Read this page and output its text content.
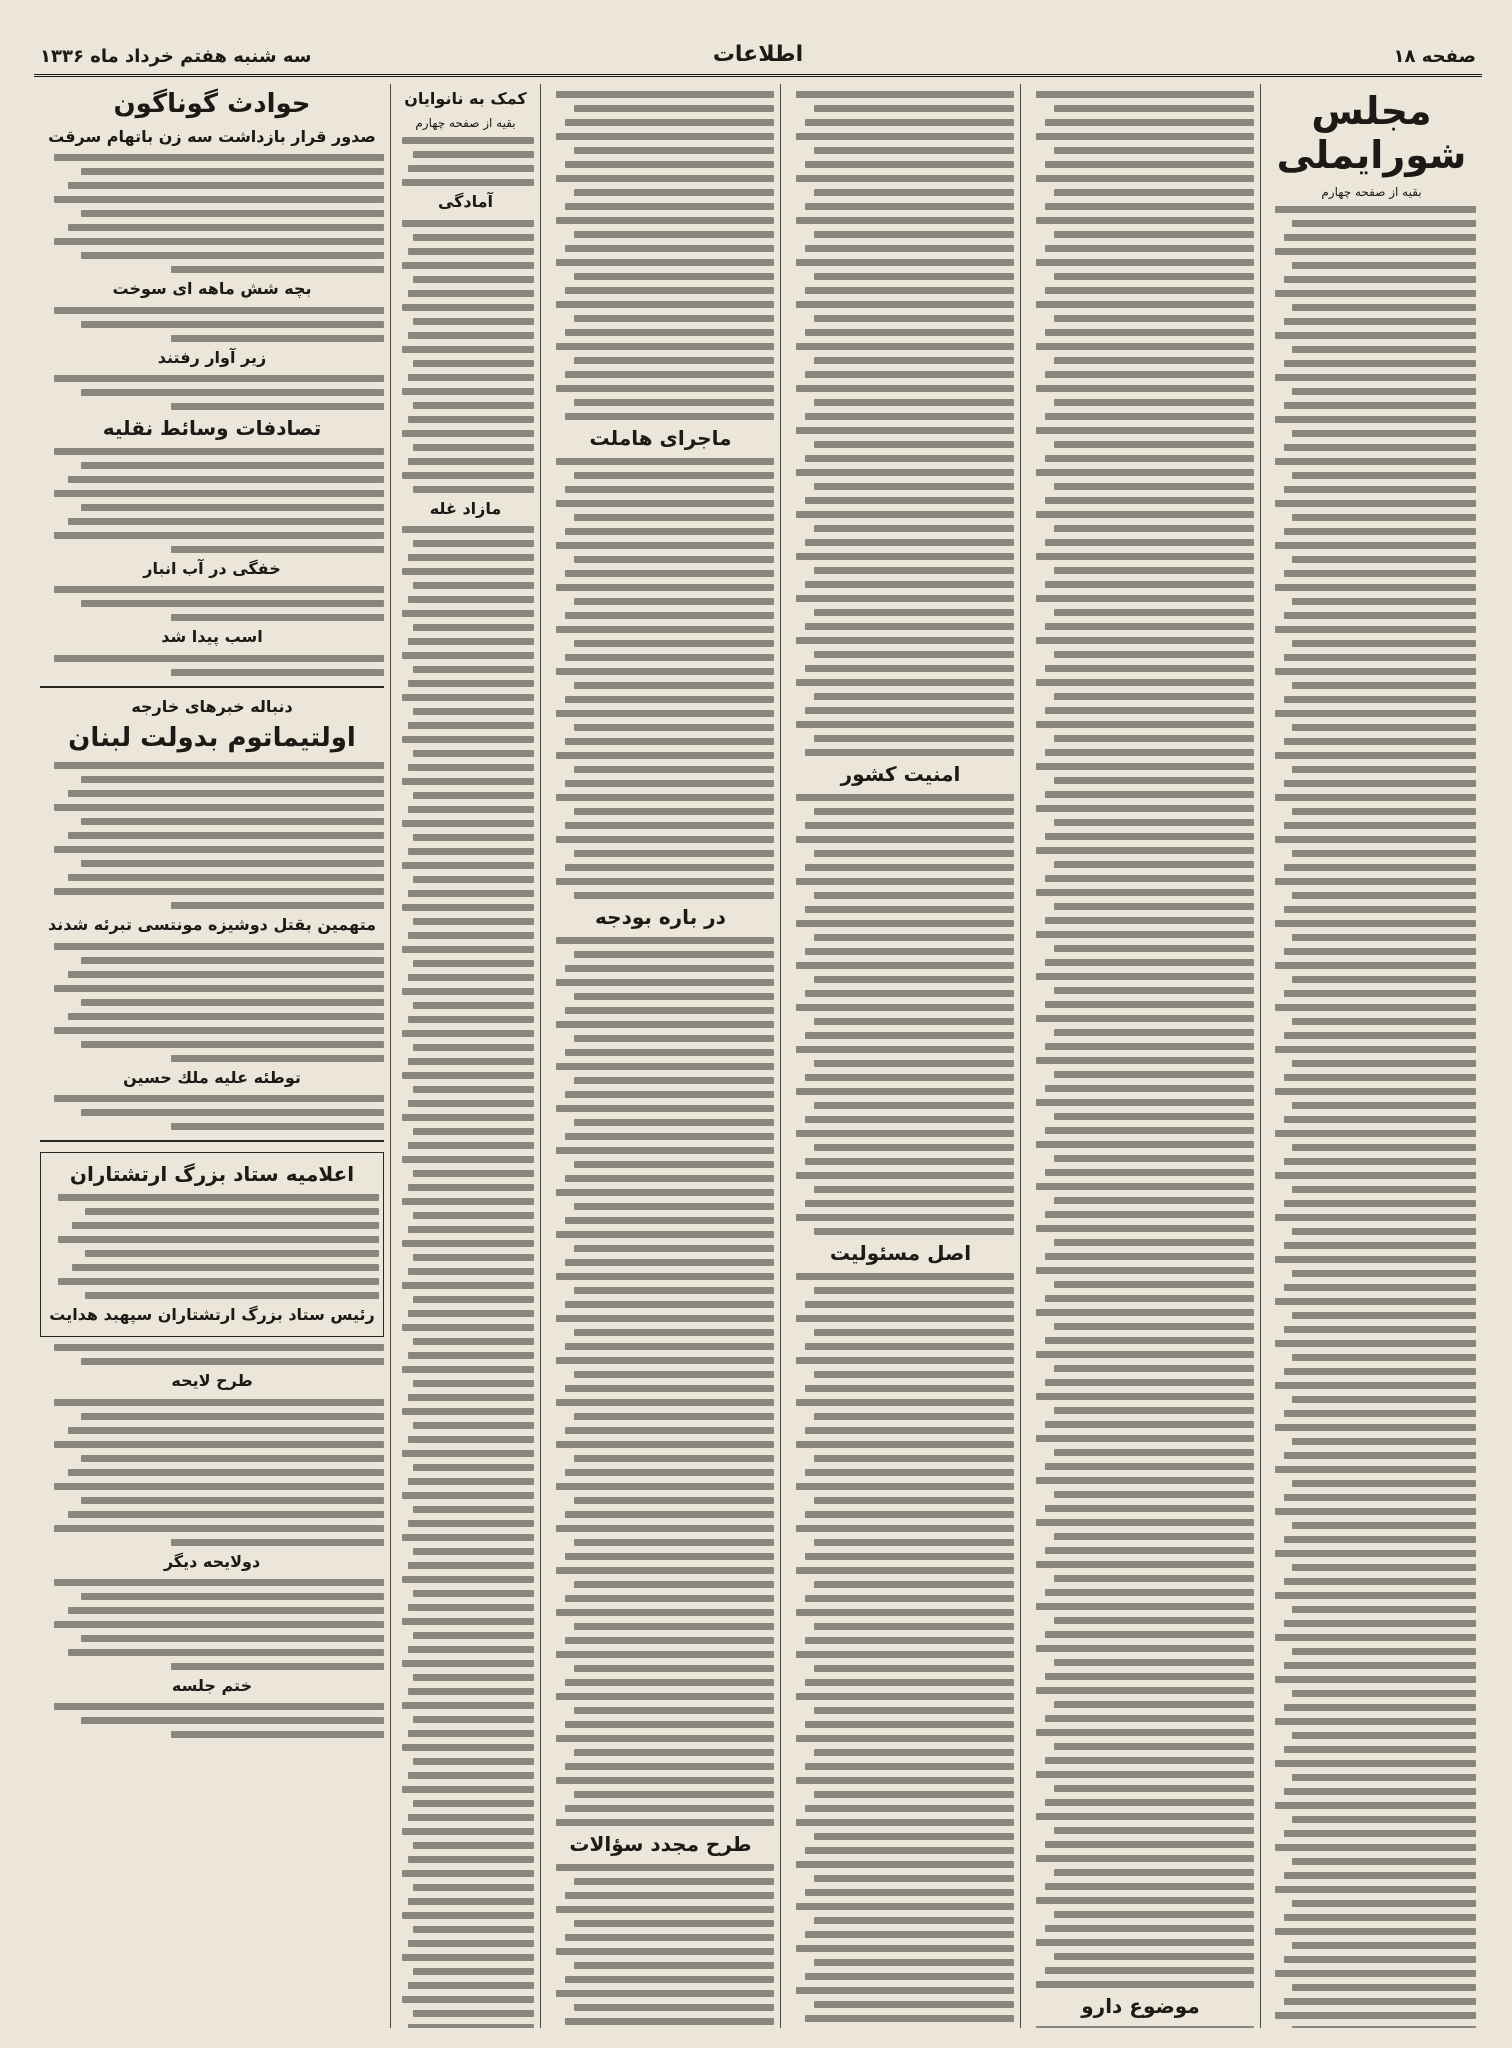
صفحه ۱۸
اطلاعات
سه شنبه هفتم خرداد ماه ۱۳۳۶
مجلس شورایملی
بقیه از صفحه چهارم
موضوع دارو
امنیت کشور
اصل مسئولیت
ماجرای هاملت
در باره بودجه
طرح مجدد سؤالات
کمک به نانوایان
بقیه از صفحه چهارم
آمادگی
مازاد غله
حوادث گوناگون
صدور قرار بازداشت سه زن باتهام سرقت
بچه شش ماهه ای سوخت
زیر آوار رفتند
تصادفات وسائط نقلیه
خفگی در آب انبار
اسب پیدا شد
دنباله خبرهای خارجه
اولتیماتوم بدولت لبنان
متهمین بقتل دوشیزه مونتسی تبرئه شدند
توطئه علیه ملك حسین
اعلامیه ستاد بزرگ ارتشتاران
رئیس ستاد بزرگ ارتشتاران سپهبد هدایت
طرح لایحه
دولایحه دیگر
ختم جلسه
